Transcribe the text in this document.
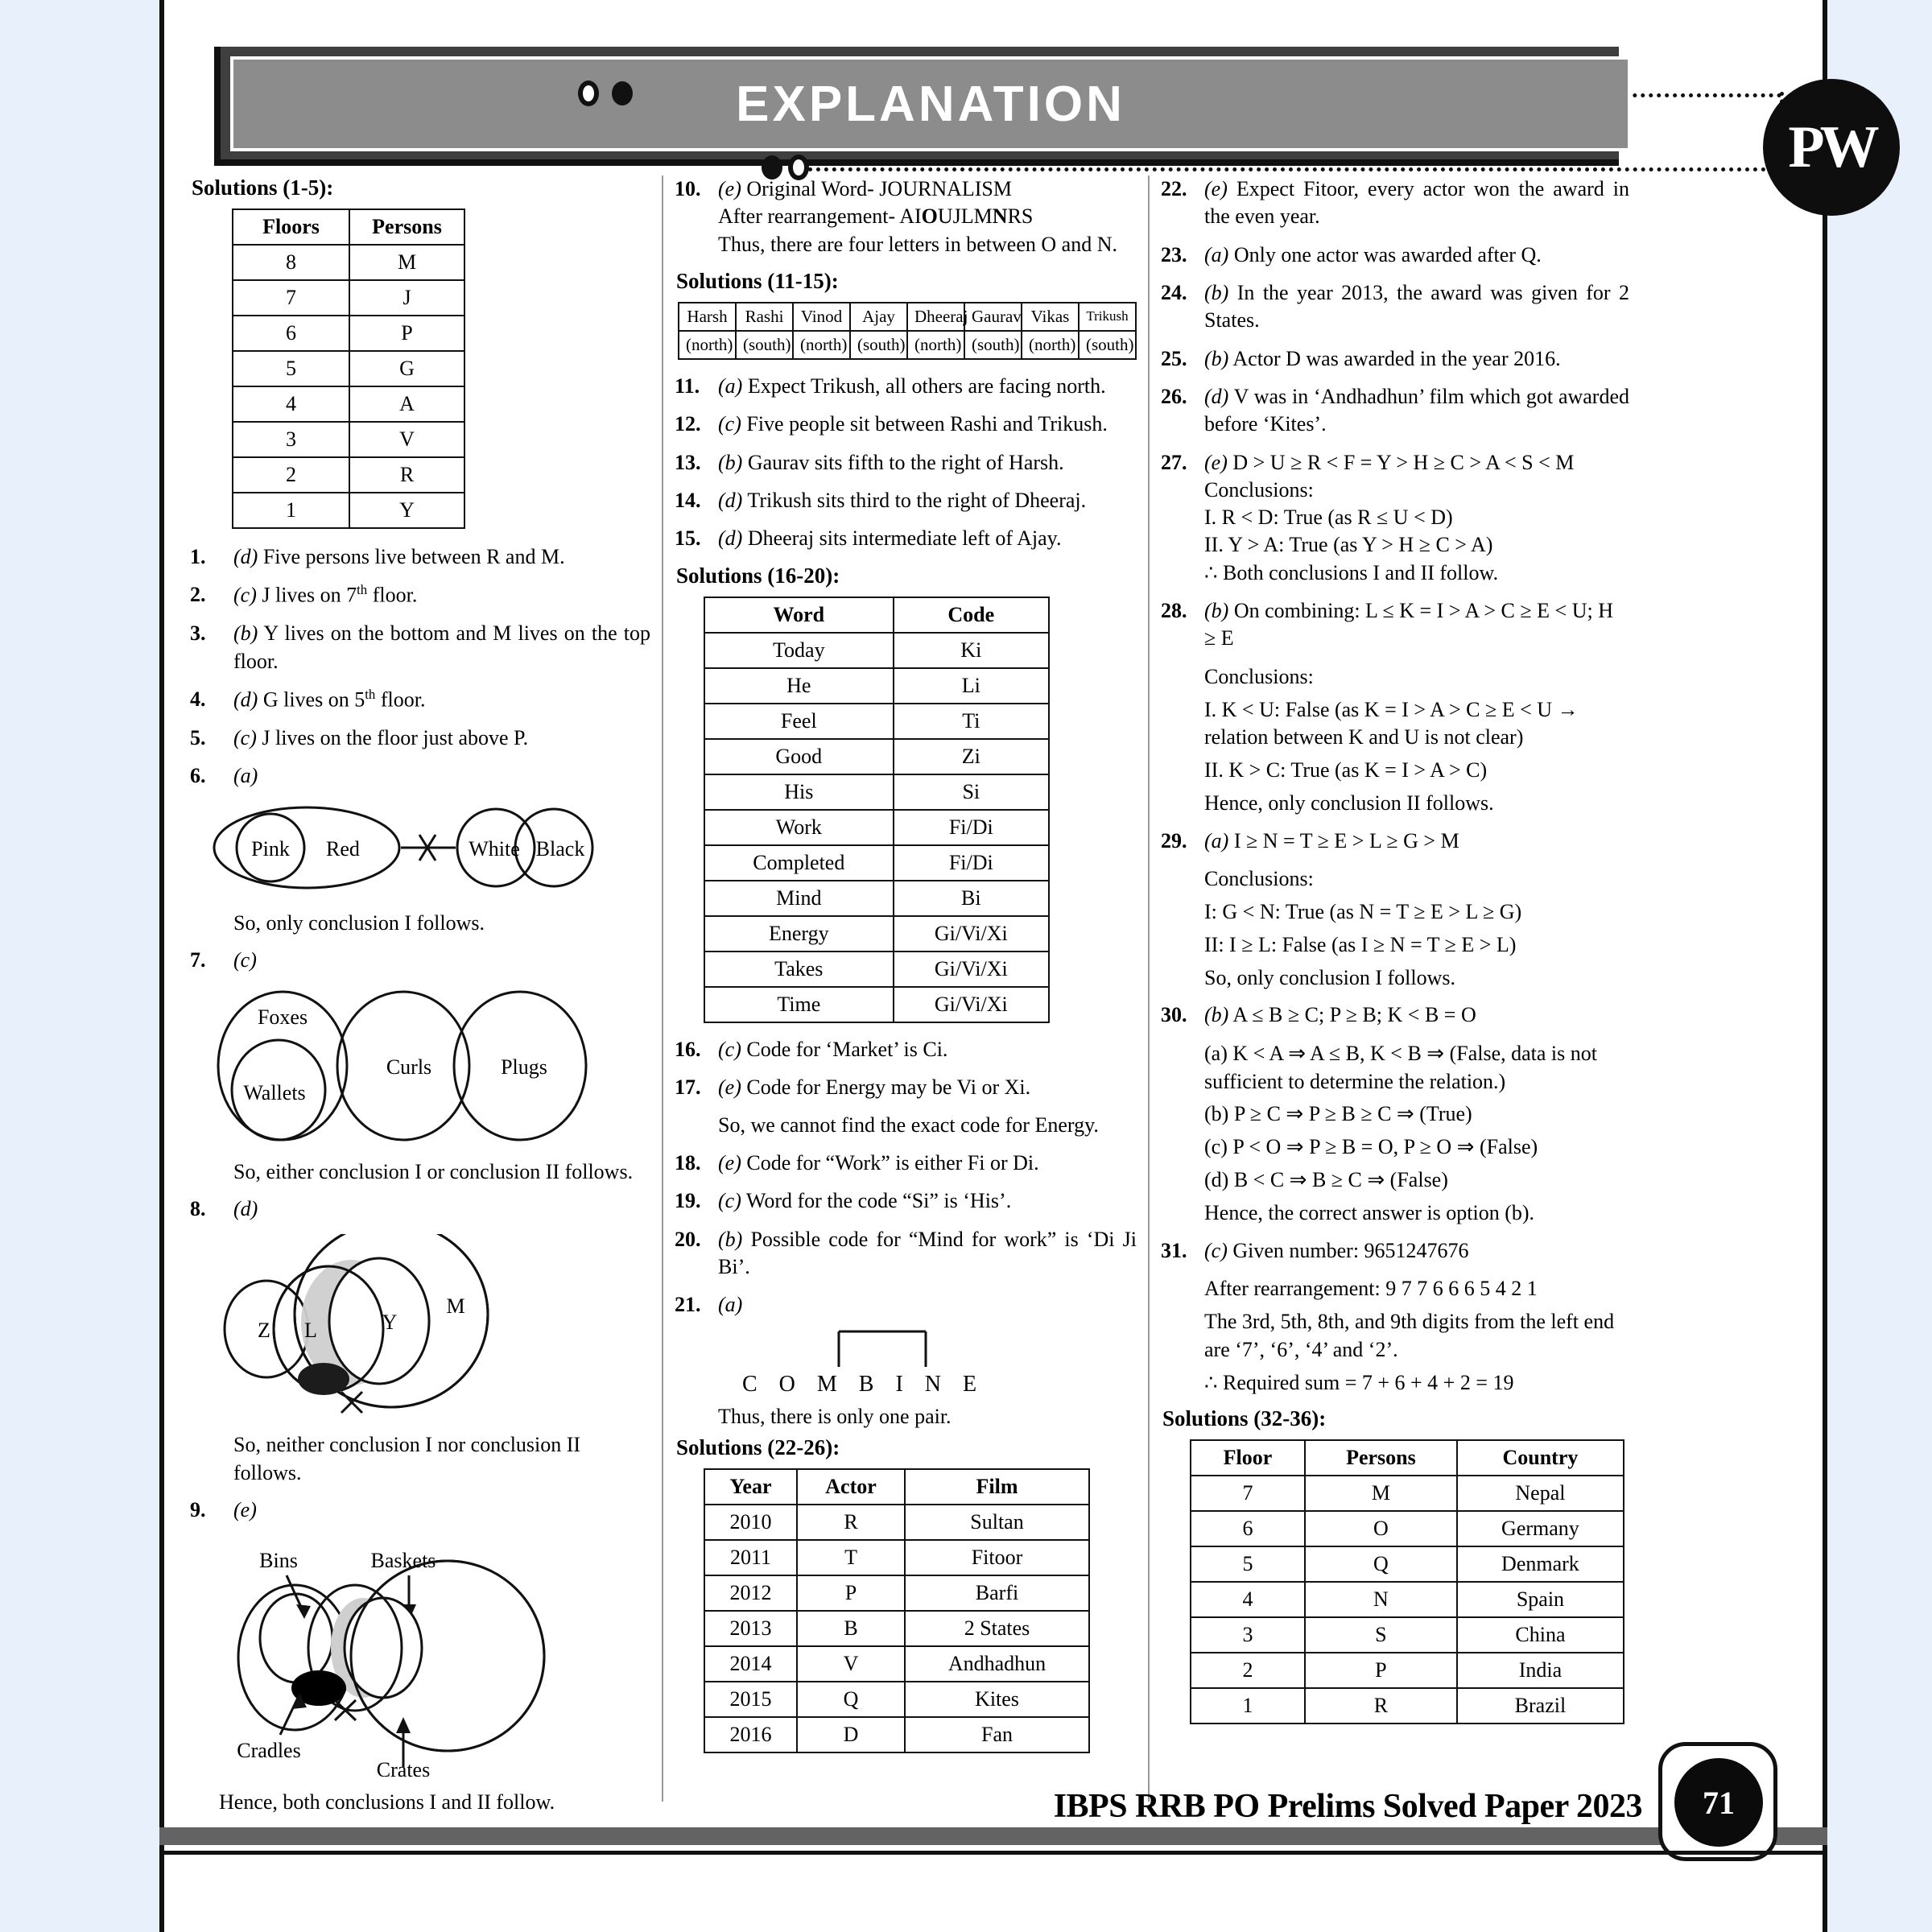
EXPLANATION
PW
Solutions (1-5):
Floors	Persons
8	M
7	J
6	P
5	G
4	A
3	V
2	R
1	Y
1. (d) Five persons live between R and M.
2. (c) J lives on 7th floor.
3. (b) Y lives on the bottom and M lives on the top floor.
4. (d) G lives on 5th floor.
5. (c) J lives on the floor just above P.
6. (a)
Pink Red	White Black
So, only conclusion I follows.
7. (c)
Foxes
Wallets
Curls	Plugs
So, either conclusion I or conclusion II follows.
8. (d)
Z L	Y
M
So, neither conclusion I nor conclusion II follows.
9. (e)
Bins	Baskets
Cradles
Crates
Hence, both conclusions I and II follow.
10. (e) Original Word- JOURNALISM
After rearrangement- AIOUJLMNRS
Thus, there are four letters in between O and N.
Solutions (11-15):
Harsh	Rashi	Vinod	Ajay	Dheeraj	Gaurav	Vikas	Trikush
(north)	(south)	(north)	(south)	(north)	(south)	(north)	(south)
11. (a) Expect Trikush, all others are facing north.
12. (c) Five people sit between Rashi and Trikush.
13. (b) Gaurav sits fifth to the right of Harsh.
14. (d) Trikush sits third to the right of Dheeraj.
15. (d) Dheeraj sits intermediate left of Ajay.
Solutions (16-20):
Word	Code
Today	Ki
He	Li
Feel	Ti
Good	Zi
His	Si
Work	Fi/Di
Completed	Fi/Di
Mind	Bi
Energy	Gi/Vi/Xi
Takes	Gi/Vi/Xi
Time	Gi/Vi/Xi
16. (c) Code for ‘Market’ is Ci.
17. (e) Code for Energy may be Vi or Xi.
So, we cannot find the exact code for Energy.
18. (e) Code for “Work” is either Fi or Di.
19. (c) Word for the code “Si” is ‘His’.
20. (b) Possible code for “Mind for work” is ‘Di Ji Bi’.
21. (a)
C O M B I N E
Thus, there is only one pair.
Solutions (22-26):
Year	Actor	Film
2010	R	Sultan
2011	T	Fitoor
2012	P	Barfi
2013	B	2 States
2014	V	Andhadhun
2015	Q	Kites
2016	D	Fan
22. (e) Expect Fitoor, every actor won the award in the even year.
23. (a) Only one actor was awarded after Q.
24. (b) In the year 2013, the award was given for 2 States.
25. (b) Actor D was awarded in the year 2016.
26. (d) V was in ‘Andhadhun’ film which got awarded before ‘Kites’.
27. (e) D > U ≥ R < F = Y > H ≥ C > A < S < M
Conclusions:
I. R < D: True (as R ≤ U < D)
II. Y > A: True (as Y > H ≥ C > A)
∴ Both conclusions I and II follow.
28. (b) On combining: L ≤ K = I > A > C ≥ E < U; H ≥ E
Conclusions:
I. K < U: False (as K = I > A > C ≥ E < U → relation between K and U is not clear)
II. K > C: True (as K = I > A > C)
Hence, only conclusion II follows.
29. (a) I ≥ N = T ≥ E > L ≥ G > M
Conclusions:
I: G < N: True (as N = T ≥ E > L ≥ G)
II: I ≥ L: False (as I ≥ N = T ≥ E > L)
So, only conclusion I follows.
30. (b) A ≤ B ≥ C; P ≥ B; K < B = O
(a) K < A ⇒ A ≤ B, K < B ⇒ (False, data is not sufficient to determine the relation.)
(b) P ≥ C ⇒ P ≥ B ≥ C ⇒ (True)
(c) P < O ⇒ P ≥ B = O, P ≥ O ⇒ (False)
(d) B < C ⇒ B ≥ C ⇒ (False)
Hence, the correct answer is option (b).
31. (c) Given number: 9651247676
After rearrangement: 9 7 7 6 6 6 5 4 2 1
The 3rd, 5th, 8th, and 9th digits from the left end are ‘7’, ‘6’, ‘4’ and ‘2’.
∴ Required sum = 7 + 6 + 4 + 2 = 19
Solutions (32-36):
Floor	Persons	Country
7	M	Nepal
6	O	Germany
5	Q	Denmark
4	N	Spain
3	S	China
2	P	India
1	R	Brazil
IBPS RRB PO Prelims Solved Paper 2023	71
